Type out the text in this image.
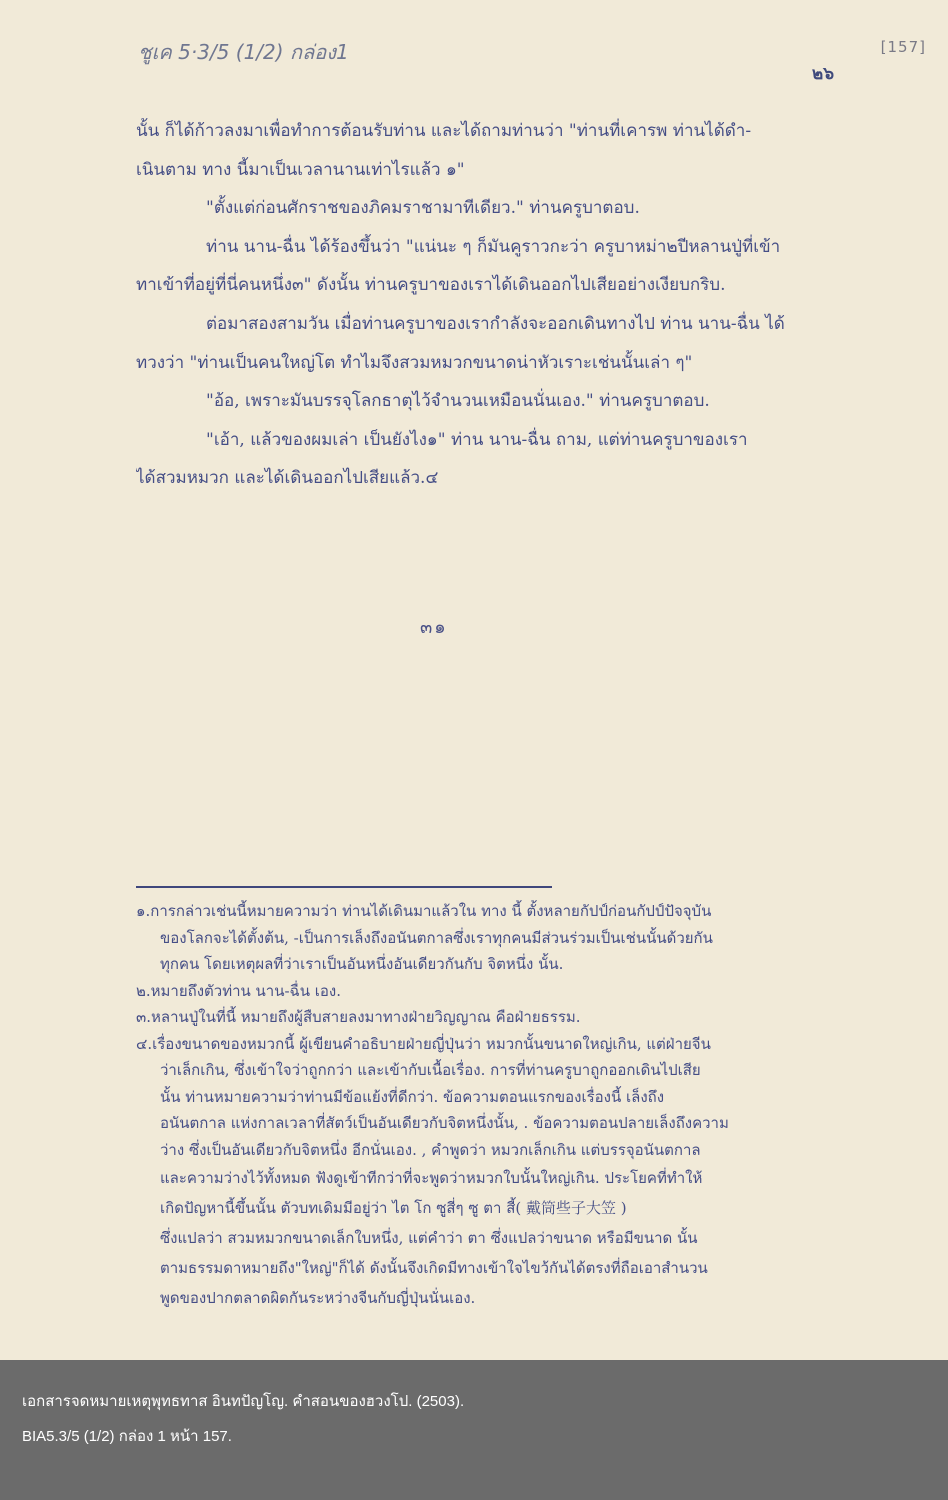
ชูเค 5·3/5 (1/2) กล่อง1	[157]
๒๖

นั้น ก็ได้ก้าวลงมาเพื่อทำการต้อนรับท่าน และได้ถามท่านว่า "ท่านที่เคารพ ท่านได้ดำ-

เนินตาม ทาง นี้มาเป็นเวลานานเท่าไรแล้ว ๑"

"ตั้งแต่ก่อนศักราชของภิคมราชามาทีเดียว." ท่านครูบาตอบ.

ท่าน นาน-ฉื่น ได้ร้องขึ้นว่า "แน่นะ ๆ ก็มันคูราวกะว่า ครูบาหม่า๒ปีหลานปู่ที่เข้า

ทาเข้าที่อยู่ที่นี่คนหนึ่ง๓" ดังนั้น ท่านครูบาของเราได้เดินออกไปเสียอย่างเงียบกริบ.

ต่อมาสองสามวัน เมื่อท่านครูบาของเรากำลังจะออกเดินทางไป ท่าน นาน-ฉื่น ได้

ทวงว่า "ท่านเป็นคนใหญ่โต ทำไมจึงสวมหมวกขนาดน่าหัวเราะเช่นนั้นเล่า ๆ"

"อ้อ, เพราะมันบรรจุโลกธาตุไว้จำนวนเหมือนนั่นเอง." ท่านครูบาตอบ.

"เอ้า, แล้วของผมเล่า เป็นยังไง๑" ท่าน นาน-ฉื่น ถาม, แต่ท่านครูบาของเรา

ได้สวมหมวก และได้เดินออกไปเสียแล้ว.๔

๓๑

๑.การกล่าวเช่นนี้หมายความว่า ท่านได้เดินมาแล้วใน ทาง นี้ ตั้งหลายกัปป์ก่อนกัปป์ปัจจุบัน

ของโลกจะได้ตั้งต้น, -เป็นการเล็งถึงอนันตกาลซึ่งเราทุกคนมีส่วนร่วมเป็นเช่นนั้นด้วยกัน

ทุกคน โดยเหตุผลที่ว่าเราเป็นอันหนึ่งอันเดียวกันกับ จิตหนึ่ง นั้น.

๒.หมายถึงตัวท่าน นาน-ฉื่น เอง.

๓.หลานปู่ในที่นี้ หมายถึงผู้สืบสายลงมาทางฝ่ายวิญญาณ คือฝ่ายธรรม.

๔.เรื่องขนาดของหมวกนี้ ผู้เขียนคำอธิบายฝ่ายญี่ปุ่นว่า หมวกนั้นขนาดใหญ่เกิน, แต่ฝ่ายจีน

ว่าเล็กเกิน, ซึ่งเข้าใจว่าถูกกว่า และเข้ากับเนื้อเรื่อง. การที่ท่านครูบาถูกออกเดินไปเสีย

นั้น ท่านหมายความว่าท่านมีข้อแย้งที่ดีกว่า. ข้อความตอนแรกของเรื่องนี้ เล็งถึง

อนันตกาล แห่งกาลเวลาที่สัตว์เป็นอันเดียวกับจิตหนึ่งนั้น, . ข้อความตอนปลายเล็งถึงความ

ว่าง ซึ่งเป็นอันเดียวกับจิตหนึ่ง อีกนั่นเอง. , คำพูดว่า หมวกเล็กเกิน แต่บรรจุอนันตกาล

และความว่างไว้ทั้งหมด ฟังดูเข้าทีกว่าที่จะพูดว่าหมวกใบนั้นใหญ่เกิน. ประโยคที่ทำให้

เกิดปัญหานี้ขึ้นนั้น ตัวบทเดิมมีอยู่ว่า ไต โก ซูสี่ๆ ซู ตา สี้( 戴筒些子大笠 )

ซึ่งแปลว่า สวมหมวกขนาดเล็กใบหนึ่ง, แต่คำว่า ตา ซึ่งแปลว่าขนาด หรือมีขนาด นั้น

ตามธรรมดาหมายถึง"ใหญ่"ก็ได้ ดังนั้นจึงเกิดมีทางเข้าใจไขว้กันได้ตรงที่ถือเอาสำนวน

พูดของปากตลาดผิดกันระหว่างจีนกับญี่ปุ่นนั่นเอง.

เอกสารจดหมายเหตุพุทธทาส อินทปัญโญ. คำสอนของฮวงโป. (2503).

BIA5.3/5 (1/2) กล่อง 1 หน้า 157.
